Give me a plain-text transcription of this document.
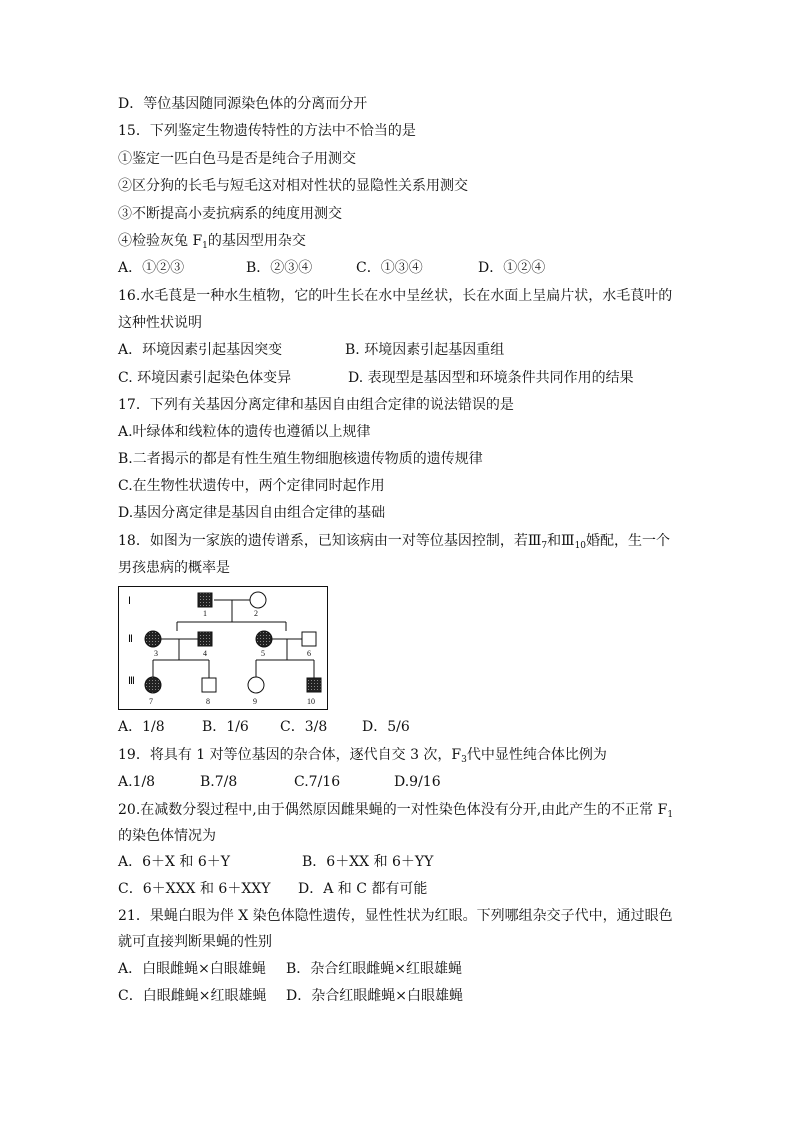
D．等位基因随同源染色体的分离而分开
15．下列鉴定生物遗传特性的方法中不恰当的是
①鉴定一匹白色马是否是纯合子用测交
②区分狗的长毛与短毛这对相对性状的显隐性关系用测交
③不断提高小麦抗病系的纯度用测交
④检验灰兔 $F_1$的基因型用杂交
A．①②③	B．②③④	C．①③④	D．①②④
16.水毛茛是一种水生植物，它的叶生长在水中呈丝状，长在水面上呈扁片状，水毛茛叶的
这种性状说明
A．环境因素引起基因突变	B. 环境因素引起基因重组
C. 环境因素引起染色体变异	D. 表现型是基因型和环境条件共同作用的结果
17．下列有关基因分离定律和基因自由组合定律的说法错误的是
A.叶绿体和线粒体的遗传也遵循以上规律
B.二者揭示的都是有性生殖生物细胞核遗传物质的遗传规律
C.在生物性状遗传中，两个定律同时起作用
D.基因分离定律是基因自由组合定律的基础
18．如图为一家族的遗传谱系，已知该病由一对等位基因控制，若$Ⅲ_7$和$Ⅲ_{10}$婚配，生一个
男孩患病的概率是
Ⅰ
Ⅱ
Ⅲ
1	2
3	4	5	6
7	8	9	10
A．1/8	B．1/6 C．3/8 D．5/6
19．将具有 1 对等位基因的杂合体，逐代自交 3 次，$F_3$代中显性纯合体比例为
A.1/8	B.7/8	C.7/16	D.9/16
20.在减数分裂过程中,由于偶然原因雌果蝇的一对性染色体没有分开,由此产生的不正常 $F_1$
的染色体情况为
A．6＋X 和 6＋Y	B．6＋XX 和 6＋YY
C．6＋XXX 和 6＋XXY D．A 和 C 都有可能
21．果蝇白眼为伴 X 染色体隐性遗传，显性性状为红眼。下列哪组杂交子代中，通过眼色
就可直接判断果蝇的性别
A．白眼雌蝇×白眼雄蝇 B．杂合红眼雌蝇×红眼雄蝇
C．白眼雌蝇×红眼雄蝇 D．杂合红眼雌蝇×白眼雄蝇
